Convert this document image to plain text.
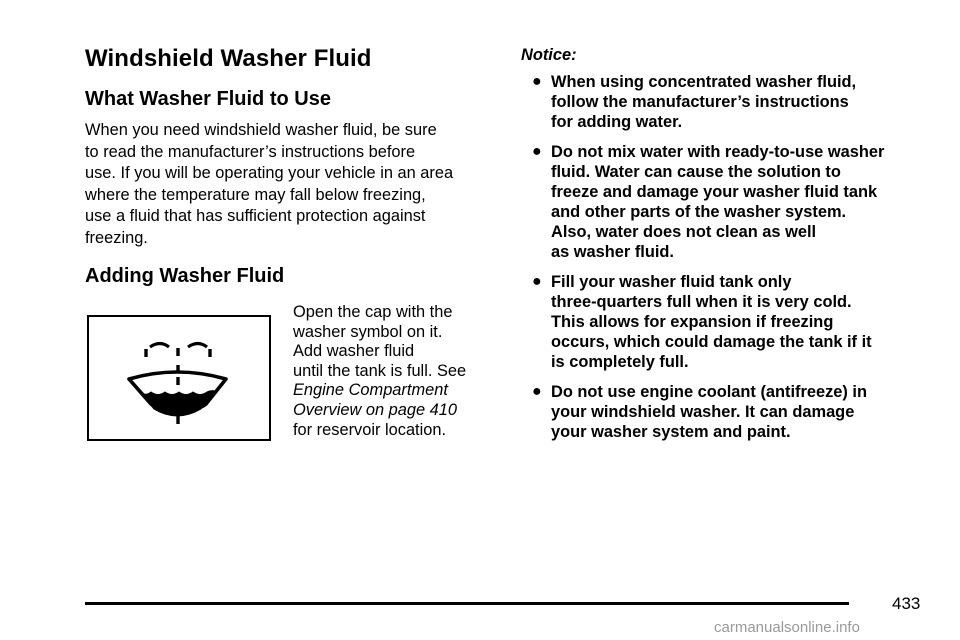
Windshield Washer Fluid
What Washer Fluid to Use

When you need windshield washer fluid, be sure
to read the manufacturer’s instructions before
use. If you will be operating your vehicle in an area
where the temperature may fall below freezing,
use a fluid that has sufficient protection against
freezing.

Adding Washer Fluid
Open the cap with the
washer symbol on it.
Add washer fluid
until the tank is full. See
Engine Compartment
Overview on page 410
for reservoir location.

Notice:

● When using concentrated washer fluid,
follow the manufacturer’s instructions
for adding water.
● Do not mix water with ready-to-use washer
fluid. Water can cause the solution to
freeze and damage your washer fluid tank
and other parts of the washer system.
Also, water does not clean as well
as washer fluid.
● Fill your washer fluid tank only
three-quarters full when it is very cold.
This allows for expansion if freezing
occurs, which could damage the tank if it
is completely full.
● Do not use engine coolant (antifreeze) in
your windshield washer. It can damage
your washer system and paint.
433
carmanualsonline.info
